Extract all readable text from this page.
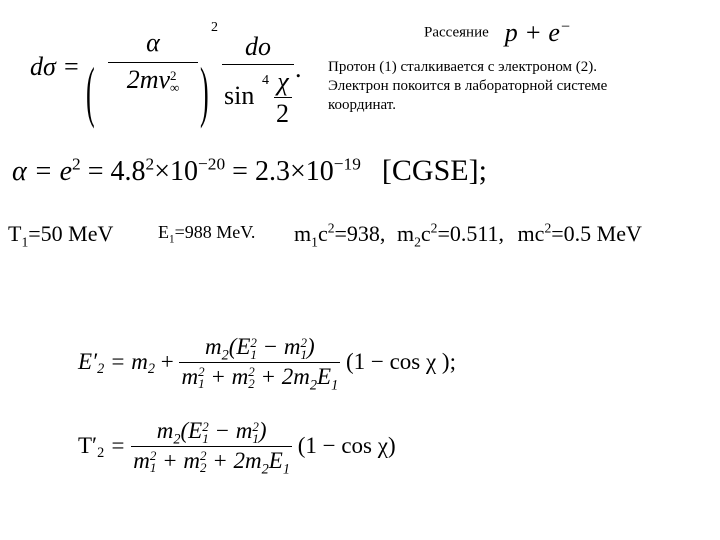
dσ = (
α
2mv 2
∞ )
2
do
sin
4 χ
2 .
Рассеяние p + e−
Протон (1) сталкивается с электроном (2).
Электрон покоится в лабораторной системе
координат.
$\alpha = e^2 = 4.8^2\times 10^{-20} = 2.3\times 10^{-19}$ [CGSE];
$T_1=50$ MeV $E_1=988$ MeV. $m_1c^2=938$, $m_2c^2=0.511$, $mc^2=0.5$ MeV
$E'_2 = m_2 + m_2(E$ 2
1 − m 2
1 )
m 2
1 + m 2
$2 + 2m_2E_1$ (1 − cos χ );
$T'_2 = m_2(E$ 2
1 − m 2
1 )
m 2
1 + m 2
$2 + 2m_2E_1$ (1 − cos χ)
